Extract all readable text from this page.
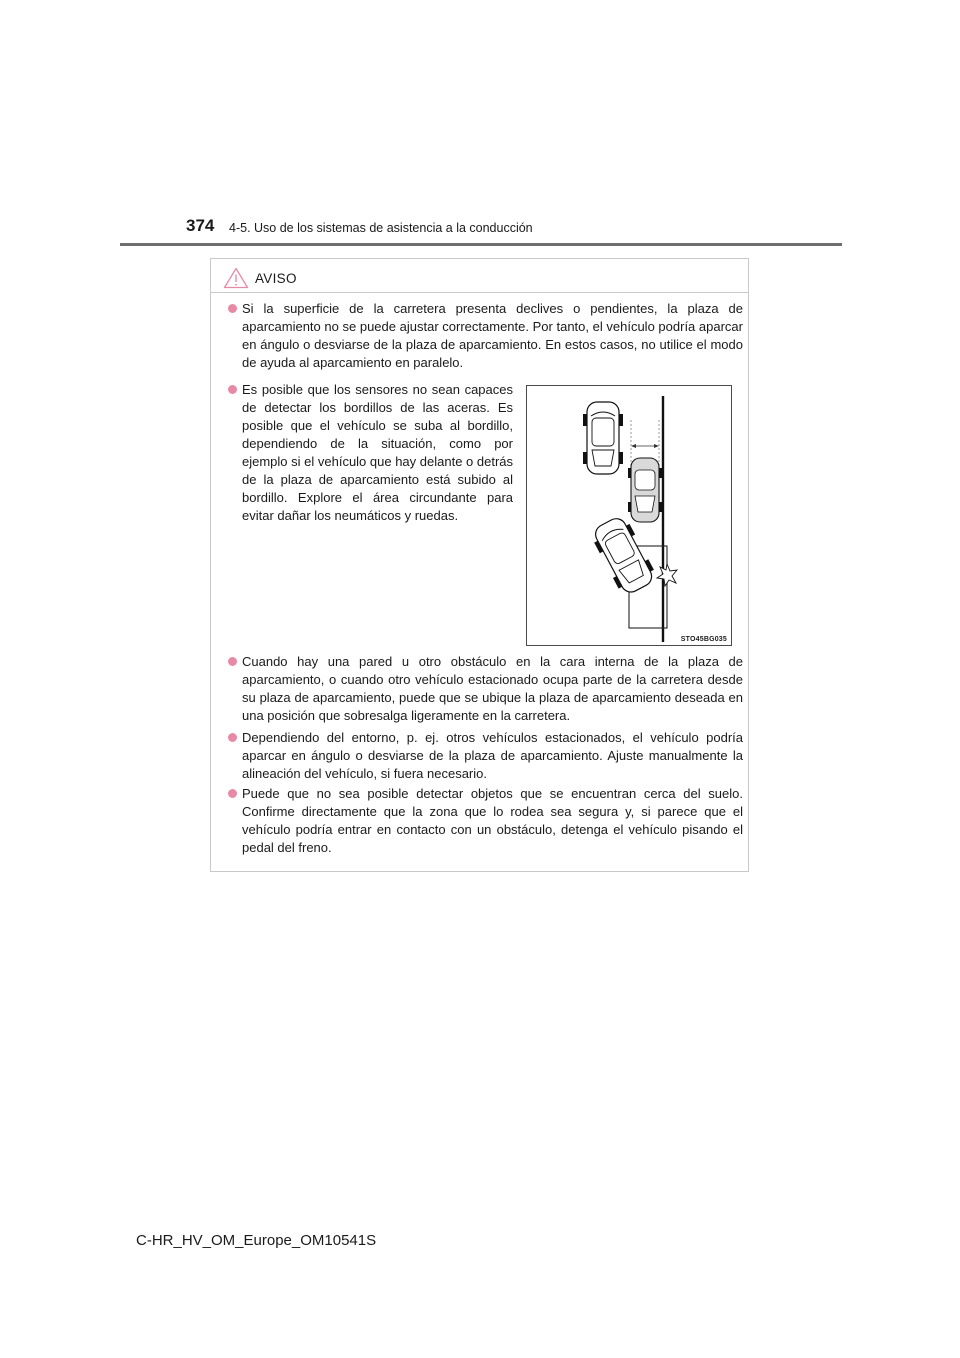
374 4-5. Uso de los sistemas de asistencia a la conducción
AVISO
Si la superficie de la carretera presenta declives o pendientes, la plaza de aparcamiento no se puede ajustar correctamente. Por tanto, el vehículo podría aparcar en ángulo o desviarse de la plaza de aparcamiento. En estos casos, no utilice el modo de ayuda al aparcamiento en paralelo.
Es posible que los sensores no sean capaces de detectar los bordillos de las aceras. Es posible que el vehículo se suba al bordillo, dependiendo de la situación, como por ejemplo si el vehículo que hay delante o detrás de la plaza de aparcamiento está subido al bordillo. Explore el área circundante para evitar dañar los neumáticos y ruedas.
STO45BG035
Cuando hay una pared u otro obstáculo en la cara interna de la plaza de aparcamiento, o cuando otro vehículo estacionado ocupa parte de la carretera desde su plaza de aparcamiento, puede que se ubique la plaza de aparcamiento deseada en una posición que sobresalga ligeramente en la carretera.
Dependiendo del entorno, p. ej. otros vehículos estacionados, el vehículo podría aparcar en ángulo o desviarse de la plaza de aparcamiento. Ajuste manualmente la alineación del vehículo, si fuera necesario.
Puede que no sea posible detectar objetos que se encuentran cerca del suelo. Confirme directamente que la zona que lo rodea sea segura y, si parece que el vehículo podría entrar en contacto con un obstáculo, detenga el vehículo pisando el pedal del freno.
C-HR_HV_OM_Europe_OM10541S
